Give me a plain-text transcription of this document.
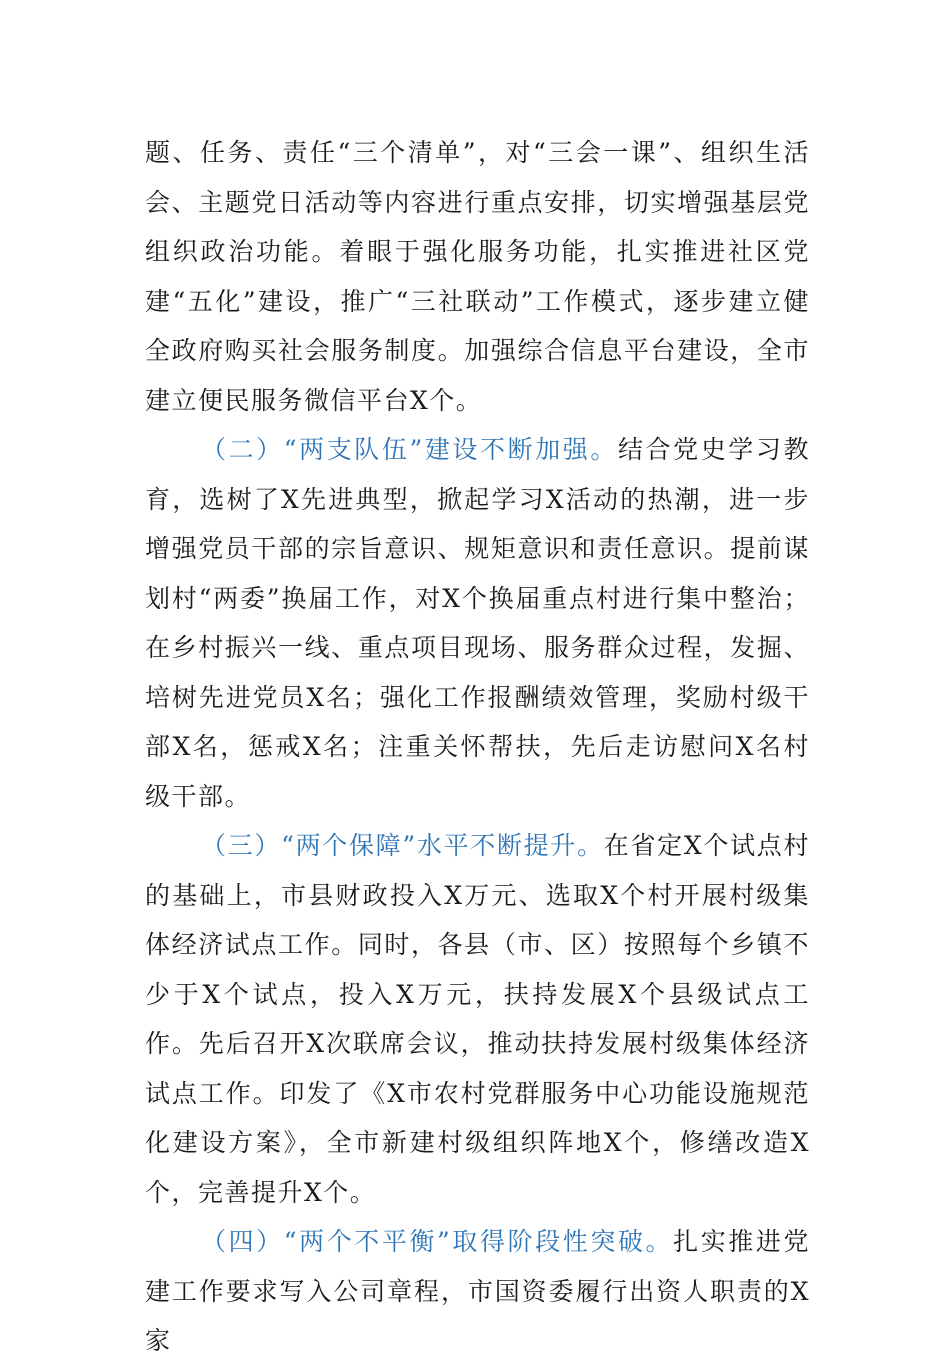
题、任务、责任“三个清单”，对“三会一课”、组织生活会、主题党日活动等内容进行重点安排，切实增强基层党组织政治功能。着眼于强化服务功能，扎实推进社区党建“五化”建设，推广“三社联动”工作模式，逐步建立健全政府购买社会服务制度。加强综合信息平台建设，全市建立便民服务微信平台X个。

（二）“两支队伍”建设不断加强。结合党史学习教育，选树了X先进典型，掀起学习X活动的热潮，进一步增强党员干部的宗旨意识、规矩意识和责任意识。提前谋划村“两委”换届工作，对X个换届重点村进行集中整治；在乡村振兴一线、重点项目现场、服务群众过程，发掘、培树先进党员X名；强化工作报酬绩效管理，奖励村级干部X名，惩戒X名；注重关怀帮扶，先后走访慰问X名村级干部。

（三）“两个保障”水平不断提升。在省定X个试点村的基础上，市县财政投入X万元、选取X个村开展村级集体经济试点工作。同时，各县（市、区）按照每个乡镇不少于X个试点，投入X万元，扶持发展X个县级试点工作。先后召开X次联席会议，推动扶持发展村级集体经济试点工作。印发了《X市农村党群服务中心功能设施规范化建设方案》，全市新建村级组织阵地X个，修缮改造X个，完善提升X个。

（四）“两个不平衡”取得阶段性突破。扎实推进党建工作要求写入公司章程，市国资委履行出资人职责的X家
